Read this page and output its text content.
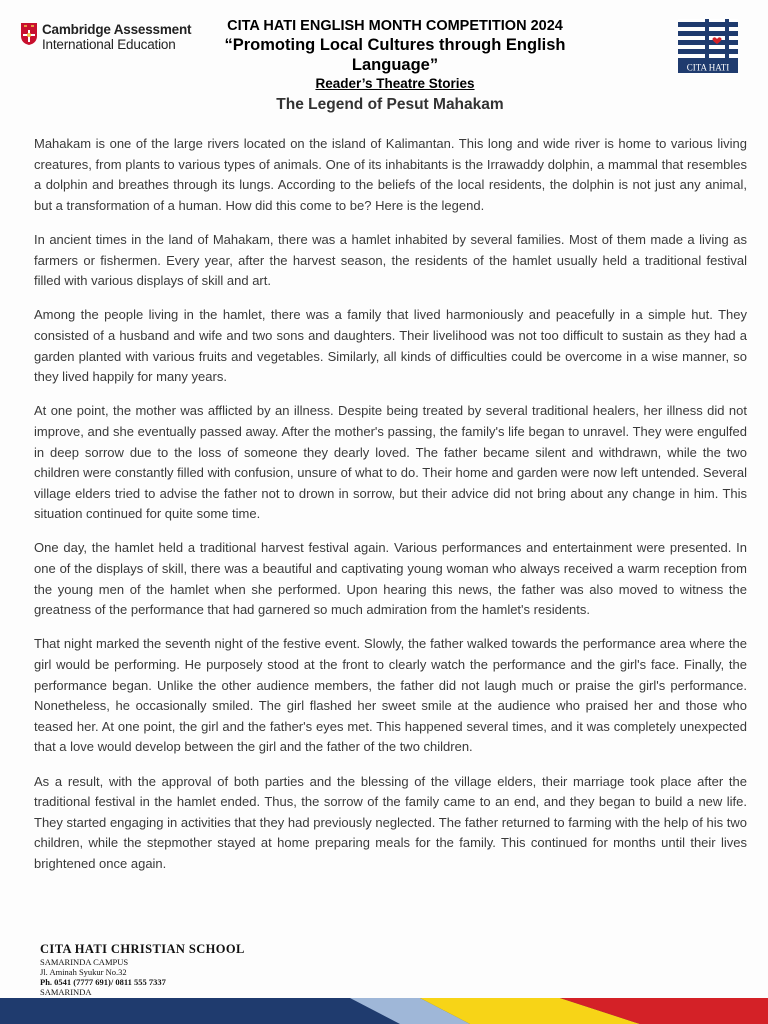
Cambridge Assessment
International Education
CITA HATI ENGLISH MONTH COMPETITION 2024
“Promoting Local Cultures through English Language”
Reader’s Theatre Stories
CITA HATI
The Legend of Pesut Mahakam

Mahakam is one of the large rivers located on the island of Kalimantan. This long and wide river is home to various living creatures, from plants to various types of animals. One of its inhabitants is the Irrawaddy dolphin, a mammal that resembles a dolphin and breathes through its lungs. According to the beliefs of the local residents, the dolphin is not just any animal, but a transformation of a human. How did this come to be? Here is the legend.

In ancient times in the land of Mahakam, there was a hamlet inhabited by several families. Most of them made a living as farmers or fishermen. Every year, after the harvest season, the residents of the hamlet usually held a traditional festival filled with various displays of skill and art.

Among the people living in the hamlet, there was a family that lived harmoniously and peacefully in a simple hut. They consisted of a husband and wife and two sons and daughters. Their livelihood was not too difficult to sustain as they had a garden planted with various fruits and vegetables. Similarly, all kinds of difficulties could be overcome in a wise manner, so they lived happily for many years.

At one point, the mother was afflicted by an illness. Despite being treated by several traditional healers, her illness did not improve, and she eventually passed away. After the mother's passing, the family's life began to unravel. They were engulfed in deep sorrow due to the loss of someone they dearly loved. The father became silent and withdrawn, while the two children were constantly filled with confusion, unsure of what to do. Their home and garden were now left untended. Several village elders tried to advise the father not to drown in sorrow, but their advice did not bring about any change in him. This situation continued for quite some time.

One day, the hamlet held a traditional harvest festival again. Various performances and entertainment were presented. In one of the displays of skill, there was a beautiful and captivating young woman who always received a warm reception from the young men of the hamlet when she performed. Upon hearing this news, the father was also moved to witness the greatness of the performance that had garnered so much admiration from the hamlet's residents.

That night marked the seventh night of the festive event. Slowly, the father walked towards the performance area where the girl would be performing. He purposely stood at the front to clearly watch the performance and the girl's face. Finally, the performance began. Unlike the other audience members, the father did not laugh much or praise the girl's performance. Nonetheless, he occasionally smiled. The girl flashed her sweet smile at the audience who praised her and those who teased her. At one point, the girl and the father's eyes met. This happened several times, and it was completely unexpected that a love would develop between the girl and the father of the two children.

As a result, with the approval of both parties and the blessing of the village elders, their marriage took place after the traditional festival in the hamlet ended. Thus, the sorrow of the family came to an end, and they began to build a new life. They started engaging in activities that they had previously neglected. The father returned to farming with the help of his two children, while the stepmother stayed at home preparing meals for the family. This continued for months until their lives brightened once again.

CITA HATI CHRISTIAN SCHOOL
SAMARINDA CAMPUS
Jl. Aminah Syukur No.32
Ph. 0541 (7777 691)/ 0811 555 7337
SAMARINDA
